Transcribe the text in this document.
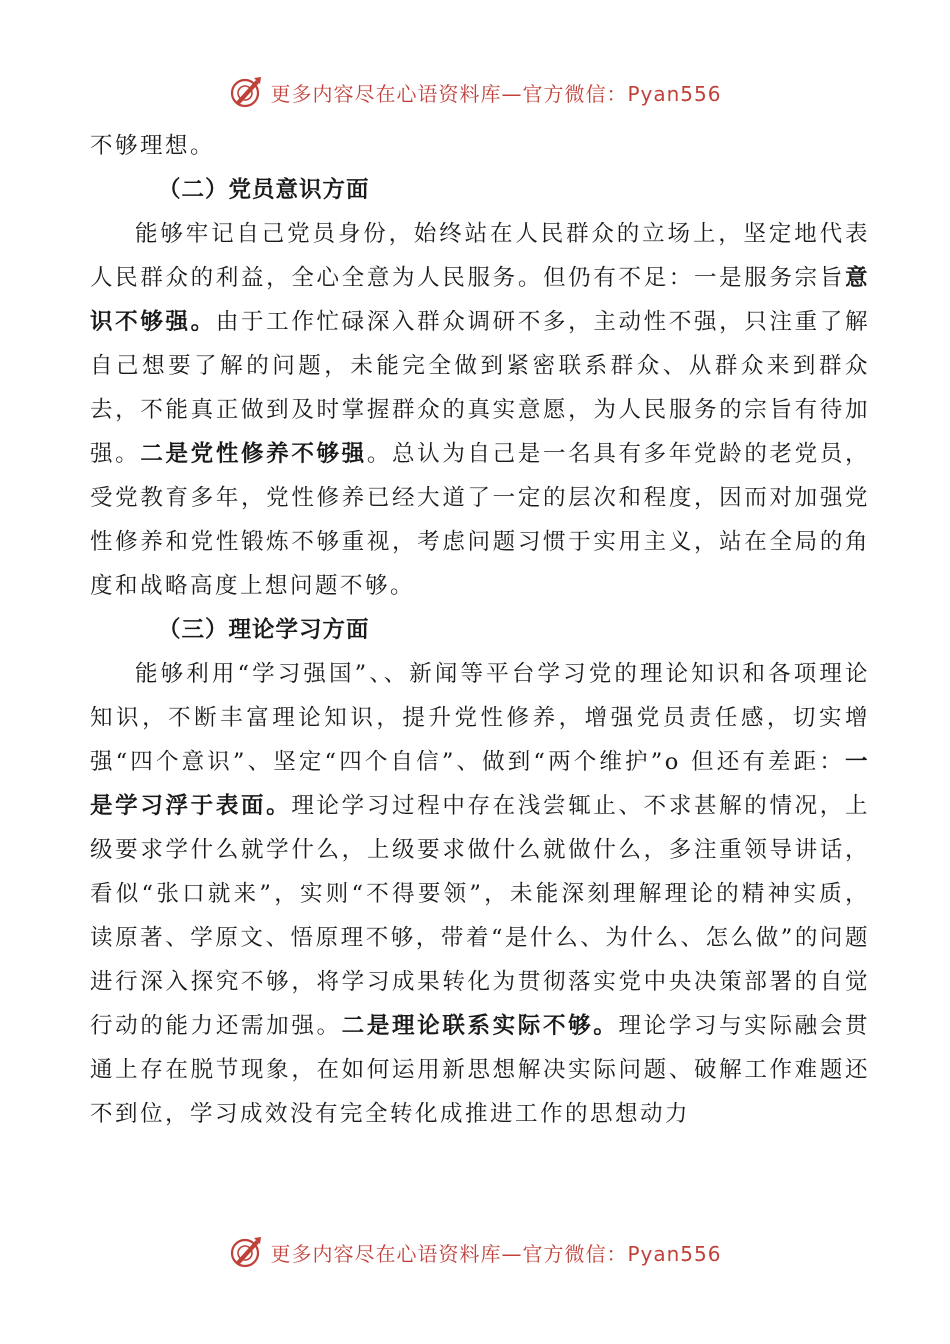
更多内容尽在心语资料库—官方微信：Pyan556

不够理想。

（二）党员意识方面

能够牢记自己党员身份，始终站在人民群众的立场上，坚定地代表人民群众的利益，全心全意为人民服务。但仍有不足：一是服务宗旨意识不够强。由于工作忙碌深入群众调研不多，主动性不强，只注重了解自己想要了解的问题，未能完全做到紧密联系群众、从群众来到群众去，不能真正做到及时掌握群众的真实意愿，为人民服务的宗旨有待加强。二是党性修养不够强。总认为自己是一名具有多年党龄的老党员，受党教育多年，党性修养已经大道了一定的层次和程度，因而对加强党性修养和党性锻炼不够重视，考虑问题习惯于实用主义，站在全局的角度和战略高度上想问题不够。

（三）理论学习方面

能够利用“学习强国”、、新闻等平台学习党的理论知识和各项理论知识，不断丰富理论知识，提升党性修养，增强党员责任感，切实增强“四个意识”、坚定“四个自信”、做到“两个维护”o 但还有差距：一是学习浮于表面。理论学习过程中存在浅尝辄止、不求甚解的情况，上级要求学什么就学什么，上级要求做什么就做什么，多注重领导讲话，看似“张口就来”，实则“不得要领”，未能深刻理解理论的精神实质，读原著、学原文、悟原理不够，带着“是什么、为什么、怎么做”的问题进行深入探究不够，将学习成果转化为贯彻落实党中央决策部署的自觉行动的能力还需加强。二是理论联系实际不够。理论学习与实际融会贯通上存在脱节现象，在如何运用新思想解决实际问题、破解工作难题还不到位，学习成效没有完全转化成推进工作的思想动力

更多内容尽在心语资料库—官方微信：Pyan556
